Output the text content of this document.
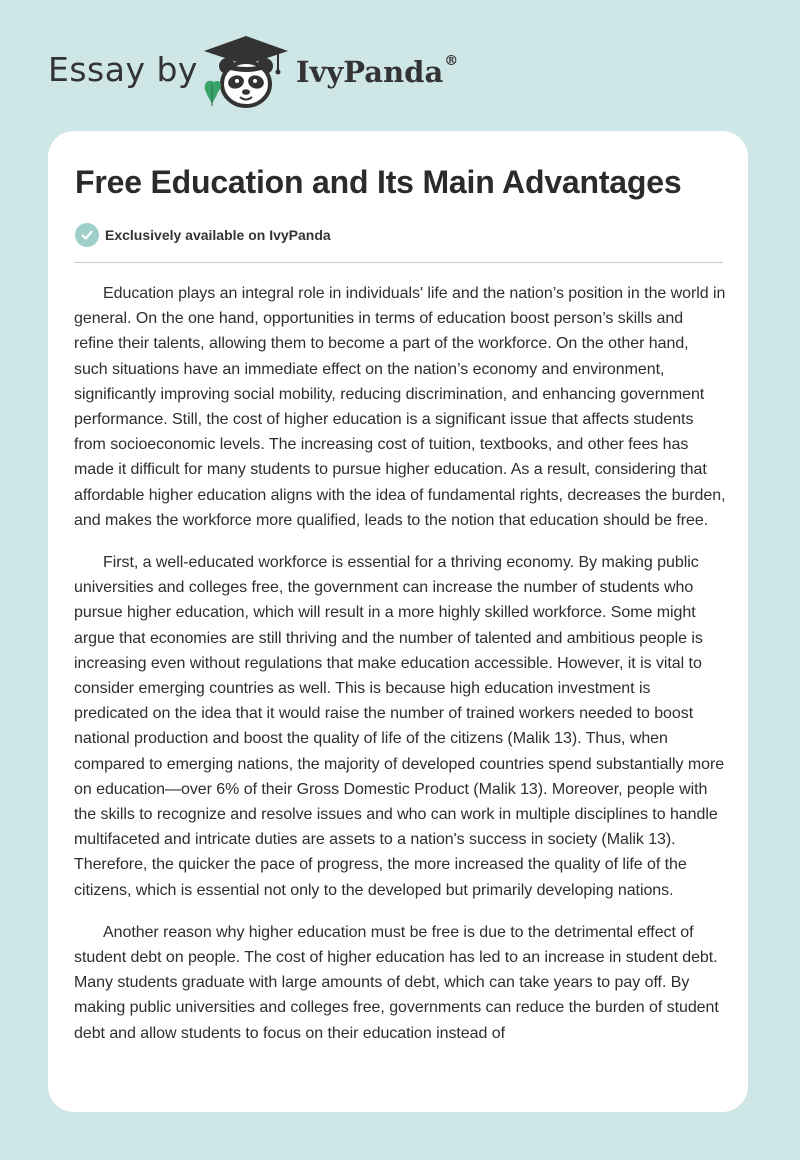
Essay by	IvyPanda®
Free Education and Its Main Advantages
Exclusively available on IvyPanda

Education plays an integral role in individuals' life and the nation’s position in the world in general. On the one hand, opportunities in terms of education boost person’s skills and refine their talents, allowing them to become a part of the workforce. On the other hand, such situations have an immediate effect on the nation’s economy and environment, significantly improving social mobility, reducing discrimination, and enhancing government performance. Still, the cost of higher education is a significant issue that affects students from socioeconomic levels. The increasing cost of tuition, textbooks, and other fees has made it difficult for many students to pursue higher education. As a result, considering that affordable higher education aligns with the idea of fundamental rights, decreases the burden, and makes the workforce more qualified, leads to the notion that education should be free.

First, a well-educated workforce is essential for a thriving economy. By making public universities and colleges free, the government can increase the number of students who pursue higher education, which will result in a more highly skilled workforce. Some might argue that economies are still thriving and the number of talented and ambitious people is increasing even without regulations that make education accessible. However, it is vital to consider emerging countries as well. This is because high education investment is predicated on the idea that it would raise the number of trained workers needed to boost national production and boost the quality of life of the citizens (Malik 13). Thus, when compared to emerging nations, the majority of developed countries spend substantially more on education—over 6% of their Gross Domestic Product (Malik 13). Moreover, people with the skills to recognize and resolve issues and who can work in multiple disciplines to handle multifaceted and intricate duties are assets to a nation's success in society (Malik 13). Therefore, the quicker the pace of progress, the more increased the quality of life of the citizens, which is essential not only to the developed but primarily developing nations.

Another reason why higher education must be free is due to the detrimental effect of student debt on people. The cost of higher education has led to an increase in student debt. Many students graduate with large amounts of debt, which can take years to pay off. By making public universities and colleges free, governments can reduce the burden of student debt and allow students to focus on their education instead of
